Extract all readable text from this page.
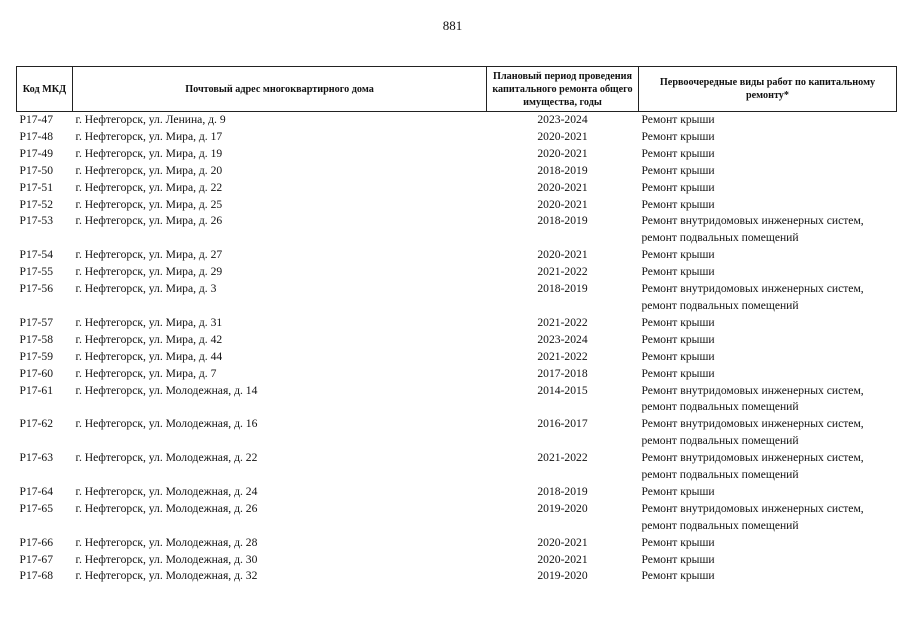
881
Код МКД	Почтовый адрес многоквартирного дома	Плановый период проведения капитального ремонта общего имущества, годы	Первоочередные виды работ по капитальному ремонту*
Р17-47	г. Нефтегорск, ул. Ленина, д. 9	2023-2024	Ремонт крыши

Р17-48	г. Нефтегорск, ул. Мира, д. 17	2020-2021	Ремонт крыши

Р17-49	г. Нефтегорск, ул. Мира, д. 19	2020-2021	Ремонт крыши

Р17-50	г. Нефтегорск, ул. Мира, д. 20	2018-2019	Ремонт крыши

Р17-51	г. Нефтегорск, ул. Мира, д. 22	2020-2021	Ремонт крыши

Р17-52	г. Нефтегорск, ул. Мира, д. 25	2020-2021	Ремонт крыши

Р17-53	г. Нефтегорск, ул. Мира, д. 26	2018-2019	Ремонт внутридомовых инженерных систем,
ремонт подвальных помещений

Р17-54	г. Нефтегорск, ул. Мира, д. 27	2020-2021	Ремонт крыши

Р17-55	г. Нефтегорск, ул. Мира, д. 29	2021-2022	Ремонт крыши

Р17-56	г. Нефтегорск, ул. Мира, д. 3	2018-2019	Ремонт внутридомовых инженерных систем,
ремонт подвальных помещений

Р17-57	г. Нефтегорск, ул. Мира, д. 31	2021-2022	Ремонт крыши

Р17-58	г. Нефтегорск, ул. Мира, д. 42	2023-2024	Ремонт крыши

Р17-59	г. Нефтегорск, ул. Мира, д. 44	2021-2022	Ремонт крыши

Р17-60	г. Нефтегорск, ул. Мира, д. 7	2017-2018	Ремонт крыши

Р17-61	г. Нефтегорск, ул. Молодежная, д. 14	2014-2015	Ремонт внутридомовых инженерных систем,
ремонт подвальных помещений

Р17-62	г. Нефтегорск, ул. Молодежная, д. 16	2016-2017	Ремонт внутридомовых инженерных систем,
ремонт подвальных помещений

Р17-63	г. Нефтегорск, ул. Молодежная, д. 22	2021-2022	Ремонт внутридомовых инженерных систем,
ремонт подвальных помещений

Р17-64	г. Нефтегорск, ул. Молодежная, д. 24	2018-2019	Ремонт крыши

Р17-65	г. Нефтегорск, ул. Молодежная, д. 26	2019-2020	Ремонт внутридомовых инженерных систем,
ремонт подвальных помещений

Р17-66	г. Нефтегорск, ул. Молодежная, д. 28	2020-2021	Ремонт крыши

Р17-67	г. Нефтегорск, ул. Молодежная, д. 30	2020-2021	Ремонт крыши

Р17-68	г. Нефтегорск, ул. Молодежная, д. 32	2019-2020	Ремонт крыши
